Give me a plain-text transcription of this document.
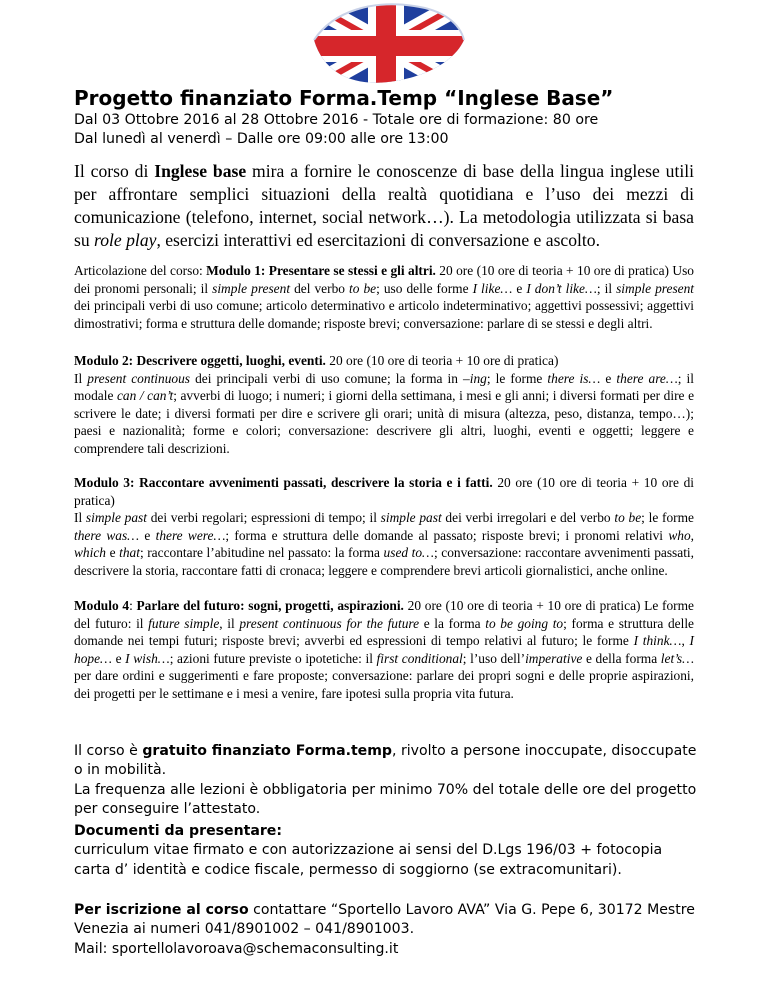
Progetto finanziato Forma.Temp “Inglese Base”

Dal 03 Ottobre 2016 al 28 Ottobre 2016 - Totale ore di formazione: 80 ore

Dal lunedì al venerdì – Dalle ore 09:00 alle ore 13:00

Il corso di Inglese base mira a fornire le conoscenze di base della lingua inglese utili per affrontare semplici situazioni della realtà quotidiana e l’uso dei mezzi di comunicazione (telefono, internet, social network…). La metodologia utilizzata si basa su role play, esercizi interattivi ed esercitazioni di conversazione e ascolto.

Articolazione del corso: Modulo 1: Presentare se stessi e gli altri. 20 ore (10 ore di teoria + 10 ore di pratica) Uso dei pronomi personali; il simple present del verbo to be; uso delle forme I like… e I don’t like…; il simple present dei principali verbi di uso comune; articolo determinativo e articolo indeterminativo; aggettivi possessivi; aggettivi dimostrativi; forma e struttura delle domande; risposte brevi; conversazione: parlare di se stessi e degli altri.

Modulo 2: Descrivere oggetti, luoghi, eventi. 20 ore (10 ore di teoria + 10 ore di pratica)
Il present continuous dei principali verbi di uso comune; la forma in –ing; le forme there is… e there are…; il modale can / can’t; avverbi di luogo; i numeri; i giorni della settimana, i mesi e gli anni; i diversi formati per dire e scrivere le date; i diversi formati per dire e scrivere gli orari; unità di misura (altezza, peso, distanza, tempo…); paesi e nazionalità; forme e colori; conversazione: descrivere gli altri, luoghi, eventi e oggetti; leggere e comprendere tali descrizioni.

Modulo 3: Raccontare avvenimenti passati, descrivere la storia e i fatti. 20 ore (10 ore di teoria + 10 ore di pratica)
Il simple past dei verbi regolari; espressioni di tempo; il simple past dei verbi irregolari e del verbo to be; le forme there was… e there were…; forma e struttura delle domande al passato; risposte brevi; i pronomi relativi who, which e that; raccontare l’abitudine nel passato: la forma used to…; conversazione: raccontare avvenimenti passati, descrivere la storia, raccontare fatti di cronaca; leggere e comprendere brevi articoli giornalistici, anche online.

Modulo 4: Parlare del futuro: sogni, progetti, aspirazioni. 20 ore (10 ore di teoria + 10 ore di pratica) Le forme del futuro: il future simple, il present continuous for the future e la forma to be going to; forma e struttura delle domande nei tempi futuri; risposte brevi; avverbi ed espressioni di tempo relativi al futuro; le forme I think…, I hope… e I wish…; azioni future previste o ipotetiche: il first conditional; l’uso dell’imperative e della forma let’s… per dare ordini e suggerimenti e fare proposte; conversazione: parlare dei propri sogni e delle proprie aspirazioni, dei progetti per le settimane e i mesi a venire, fare ipotesi sulla propria vita futura.

Il corso è gratuito finanziato Forma.temp, rivolto a persone inoccupate, disoccupate o in mobilità.
La frequenza alle lezioni è obbligatoria per minimo 70% del totale delle ore del progetto per conseguire l’attestato.

Documenti da presentare:
curriculum vitae firmato e con autorizzazione ai sensi del D.Lgs 196/03 + fotocopia carta d’ identità e codice fiscale, permesso di soggiorno (se extracomunitari).

Per iscrizione al corso contattare “Sportello Lavoro AVA” Via G. Pepe 6, 30172 Mestre Venezia ai numeri 041/8901002 – 041/8901003.
Mail: sportellolavoroava@schemaconsulting.it
